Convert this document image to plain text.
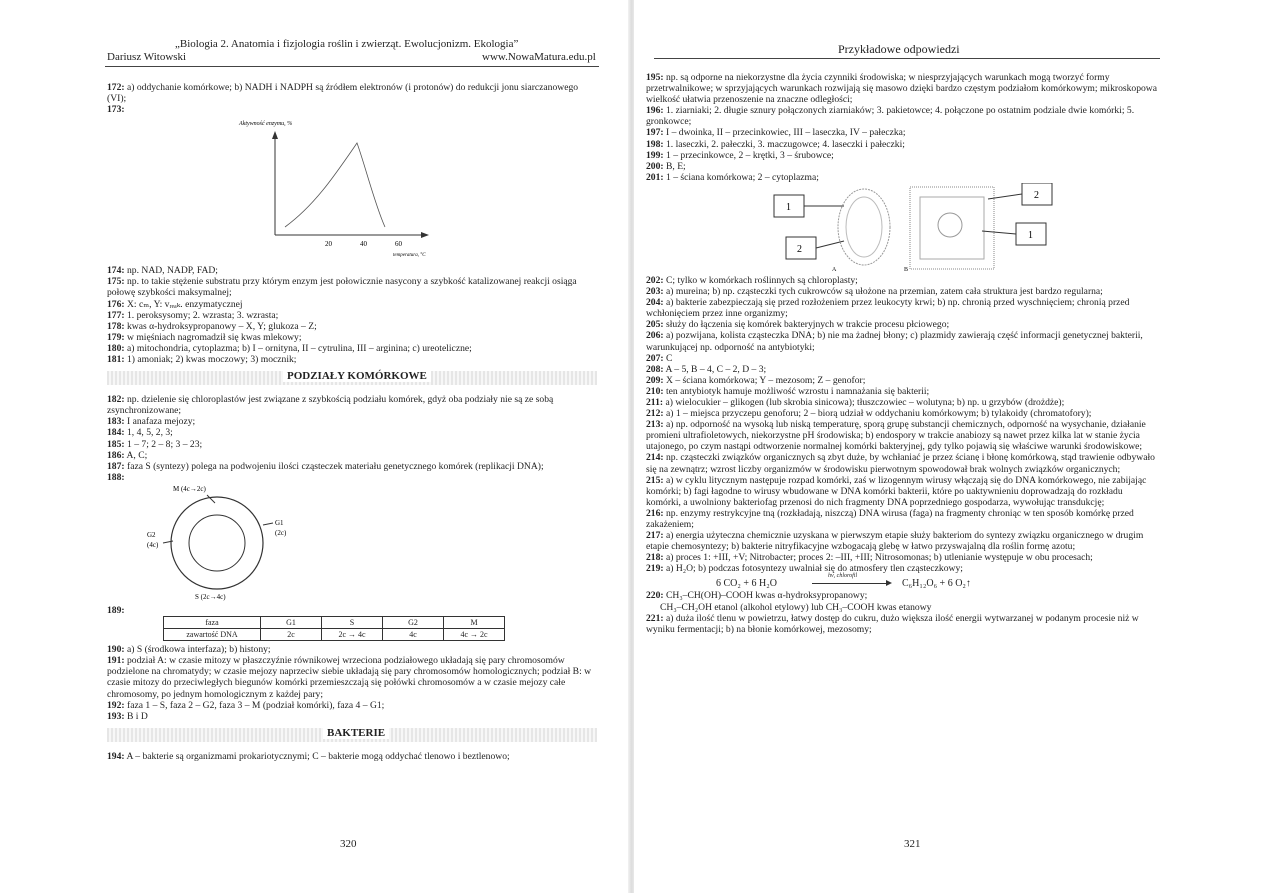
„Biologia 2. Anatomia i fizjologia roślin i zwierząt. Ewolucjonizm. Ekologia”
Dariusz Witowski	www.NowaMatura.edu.pl
172: a) oddychanie komórkowe; b) NADH i NADPH są źródłem elektronów (i protonów) do redukcji jonu siarczanowego (VI);
173:
Aktywność enzymu, %
20	40	60
temperatura, °C
174: np. NAD, NADP, FAD;
175: np. to takie stężenie substratu przy którym enzym jest połowicznie nasycony a szybkość katalizowanej reakcji osiąga połowę szybkości maksymalnej;
176: X: cₘ, Y: vᵣₑₐₖ. enzymatycznej
177: 1. peroksysomy; 2. wzrasta; 3. wzrasta;
178: kwas α-hydroksypropanowy – X, Y; glukoza – Z;
179: w mięśniach nagromadził się kwas mlekowy;
180: a) mitochondria, cytoplazma; b) I – ornityna, II – cytrulina, III – arginina; c) ureoteliczne;
181: 1) amoniak; 2) kwas moczowy; 3) mocznik;
PODZIAŁY KOMÓRKOWE
182: np. dzielenie się chloroplastów jest związane z szybkością podziału komórek, gdyż oba podziały nie są ze sobą zsynchronizowane;
183: I anafaza mejozy;
184: 1, 4, 5, 2, 3;
185: 1 – 7; 2 – 8; 3 – 23;
186: A, C;
187: faza S (syntezy) polega na podwojeniu ilości cząsteczek materiału genetycznego komórek (replikacji DNA);
188:
M (4c→2c)
G1
(2c)
G2
(4c)
S (2c→4c)
189:
faza	G1	S	G2	M
zawartość DNA	2c	2c → 4c	4c	4c → 2c
190: a) S (środkowa interfaza); b) histony;
191: podział A: w czasie mitozy w płaszczyźnie równikowej wrzeciona podziałowego układają się pary chromosomów podzielone na chromatydy; w czasie mejozy naprzeciw siebie układają się pary chromosomów homologicznych; podział B: w czasie mitozy do przeciwległych biegunów komórki przemieszczają się połówki chromosomów a w czasie mejozy całe chromosomy, po jednym homologicznym z każdej pary;
192: faza 1 – S, faza 2 – G2, faza 3 – M (podział komórki), faza 4 – G1;
193: B i D
BAKTERIE
194: A – bakterie są organizmami prokariotycznymi; C – bakterie mogą oddychać tlenowo i beztlenowo;
320
Przykładowe odpowiedzi
195: np. są odporne na niekorzystne dla życia czynniki środowiska; w niesprzyjających warunkach mogą tworzyć formy przetrwalnikowe; w sprzyjających warunkach rozwijają się masowo dzięki bardzo częstym podziałom komórkowym; mikroskopowa wielkość ułatwia przenoszenie na znaczne odległości;
196: 1. ziarniaki; 2. długie sznury połączonych ziarniaków; 3. pakietowce; 4. połączone po ostatnim podziale dwie komórki; 5. gronkowce;
197: I – dwoinka, II – przecinkowiec, III – laseczka, IV – pałeczka;
198: 1. laseczki, 2. pałeczki, 3. maczugowce; 4. laseczki i pałeczki;
199: 1 – przecinkowce, 2 – krętki, 3 – śrubowce;
200: B, E;
201: 1 – ściana komórkowa; 2 – cytoplazma;
1
2
A	B
2
1
202: C; tylko w komórkach roślinnych są chloroplasty;
203: a) mureina; b) np. cząsteczki tych cukrowców są ułożone na przemian, zatem cała struktura jest bardzo regularna;
204: a) bakterie zabezpieczają się przed rozłożeniem przez leukocyty krwi; b) np. chronią przed wyschnięciem; chronią przed wchłonięciem przez inne organizmy;
205: służy do łączenia się komórek bakteryjnych w trakcie procesu płciowego;
206: a) pozwijana, kolista cząsteczka DNA; b) nie ma żadnej błony; c) plazmidy zawierają część informacji genetycznej bakterii, warunkującej np. odporność na antybiotyki;
207: C
208: A – 5, B – 4, C – 2, D – 3;
209: X – ściana komórkowa; Y – mezosom; Z – genofor;
210: ten antybiotyk hamuje możliwość wzrostu i namnażania się bakterii;
211: a) wielocukier – glikogen (lub skrobia sinicowa); tłuszczowiec – wolutyna; b) np. u grzybów (drożdże);
212: a) 1 – miejsca przyczepu genoforu; 2 – biorą udział w oddychaniu komórkowym; b) tylakoidy (chromatofory);
213: a) np. odporność na wysoką lub niską temperaturę, sporą grupę substancji chemicznych, odporność na wysychanie, działanie promieni ultrafioletowych, niekorzystne pH środowiska; b) endospory w trakcie anabiozy są nawet przez kilka lat w stanie życia utajonego, po czym nastąpi odtworzenie normalnej komórki bakteryjnej, gdy tylko pojawią się właściwe warunki środowiskowe;
214: np. cząsteczki związków organicznych są zbyt duże, by wchłaniać je przez ścianę i błonę komórkową, stąd trawienie odbywało się na zewnątrz; wzrost liczby organizmów w środowisku pierwotnym spowodował brak wolnych związków organicznych;
215: a) w cyklu litycznym następuje rozpad komórki, zaś w lizogennym wirusy włączają się do DNA komórkowego, nie zabijając komórki; b) fagi łagodne to wirusy wbudowane w DNA komórki bakterii, które po uaktywnieniu doprowadzają do rozkładu komórki, a uwolniony bakteriofag przenosi do nich fragmenty DNA poprzedniego gospodarza, wywołując transdukcję;
216: np. enzymy restrykcyjne tną (rozkładają, niszczą) DNA wirusa (faga) na fragmenty chroniąc w ten sposób komórkę przed zakażeniem;
217: a) energia użyteczna chemicznie uzyskana w pierwszym etapie służy bakteriom do syntezy związku organicznego w drugim etapie chemosyntezy; b) bakterie nitryfikacyjne wzbogacają glebę w łatwo przyswajalną dla roślin formę azotu;
218: a) proces 1: +III, +V; Nitrobacter; proces 2: –III, +III; Nitrosomonas; b) utlenianie występuje w obu procesach;
219: a) H₂O; b) podczas fotosyntezy uwalniał się do atmosfery tlen cząsteczkowy;
6 CO₂ + 6 H₂O
hν, chlorofil
C₆H₁₂O₆ + 6 O₂↑
220: CH₃–CH(OH)–COOH kwas α-hydroksypropanowy;
CH₃–CH₂OH etanol (alkohol etylowy) lub CH₃–COOH kwas etanowy
221: a) duża ilość tlenu w powietrzu, łatwy dostęp do cukru, dużo większa ilość energii wytwarzanej w podanym procesie niż w wyniku fermentacji; b) na błonie komórkowej, mezosomy;
321
